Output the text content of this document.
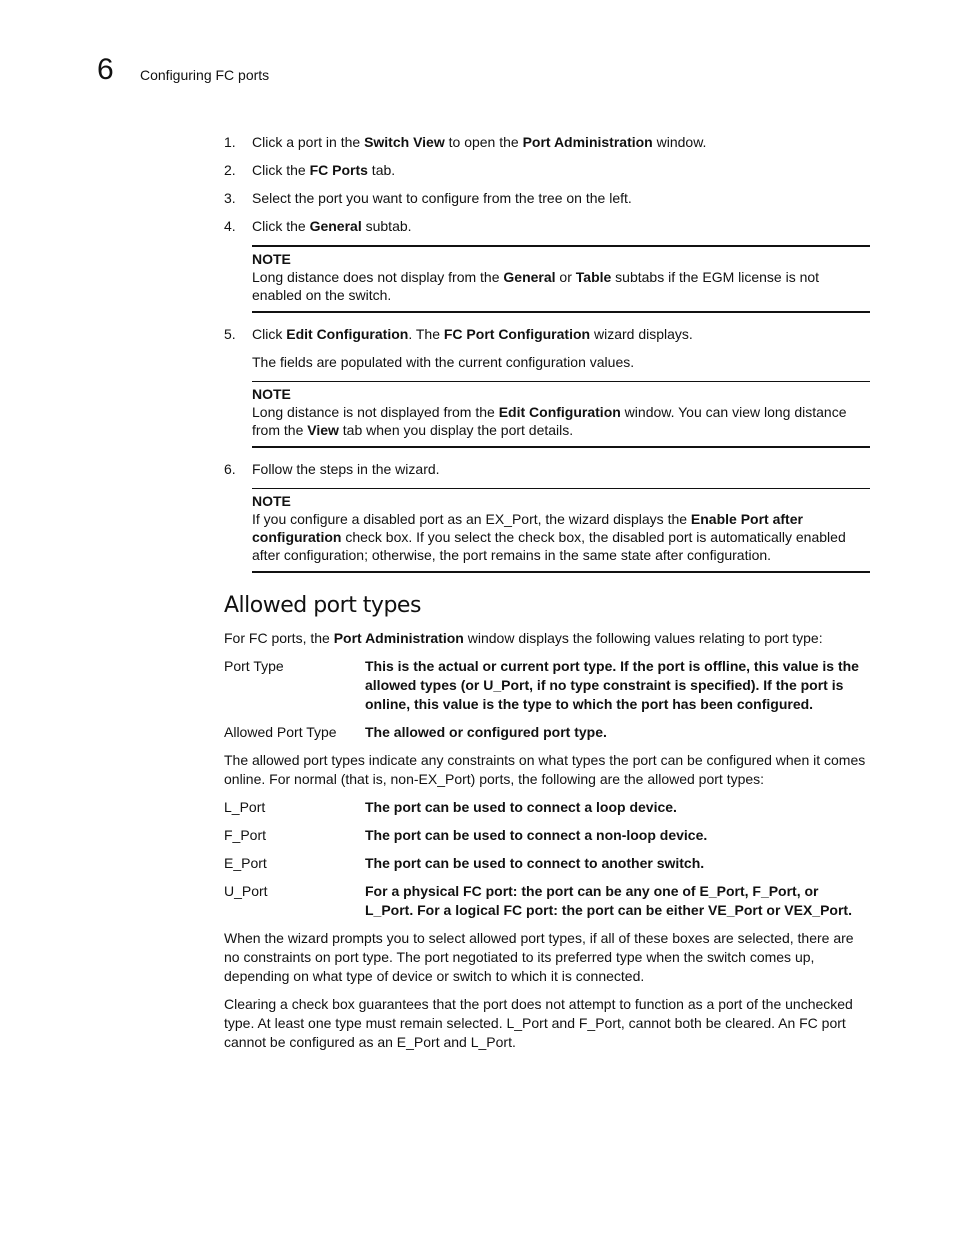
6 Configuring FC ports
1.	Click a port in the Switch View to open the Port Administration window.
2.	Click the FC Ports tab.
3.	Select the port you want to configure from the tree on the left.
4.	Click the General subtab.
NOTE
Long distance does not display from the General or Table subtabs if the EGM license is not enabled on the switch.
5.	Click Edit Configuration. The FC Port Configuration wizard displays.
The fields are populated with the current configuration values.
NOTE
Long distance is not displayed from the Edit Configuration window. You can view long distance from the View tab when you display the port details.
6.	Follow the steps in the wizard.
NOTE
If you configure a disabled port as an EX_Port, the wizard displays the Enable Port after configuration check box. If you select the check box, the disabled port is automatically enabled after configuration; otherwise, the port remains in the same state after configuration.
Allowed port types
For FC ports, the Port Administration window displays the following values relating to port type:
Port Type	This is the actual or current port type. If the port is offline, this value is the allowed types (or U_Port, if no type constraint is specified). If the port is online, this value is the type to which the port has been configured.
Allowed Port Type	The allowed or configured port type.
The allowed port types indicate any constraints on what types the port can be configured when it comes online. For normal (that is, non-EX_Port) ports, the following are the allowed port types:
L_Port	The port can be used to connect a loop device.
F_Port	The port can be used to connect a non-loop device.
E_Port	The port can be used to connect to another switch.
U_Port	For a physical FC port: the port can be any one of E_Port, F_Port, or L_Port. For a logical FC port: the port can be either VE_Port or VEX_Port.
When the wizard prompts you to select allowed port types, if all of these boxes are selected, there are no constraints on port type. The port negotiated to its preferred type when the switch comes up, depending on what type of device or switch to which it is connected.
Clearing a check box guarantees that the port does not attempt to function as a port of the unchecked type. At least one type must remain selected. L_Port and F_Port, cannot both be cleared. An FC port cannot be configured as an E_Port and L_Port.
